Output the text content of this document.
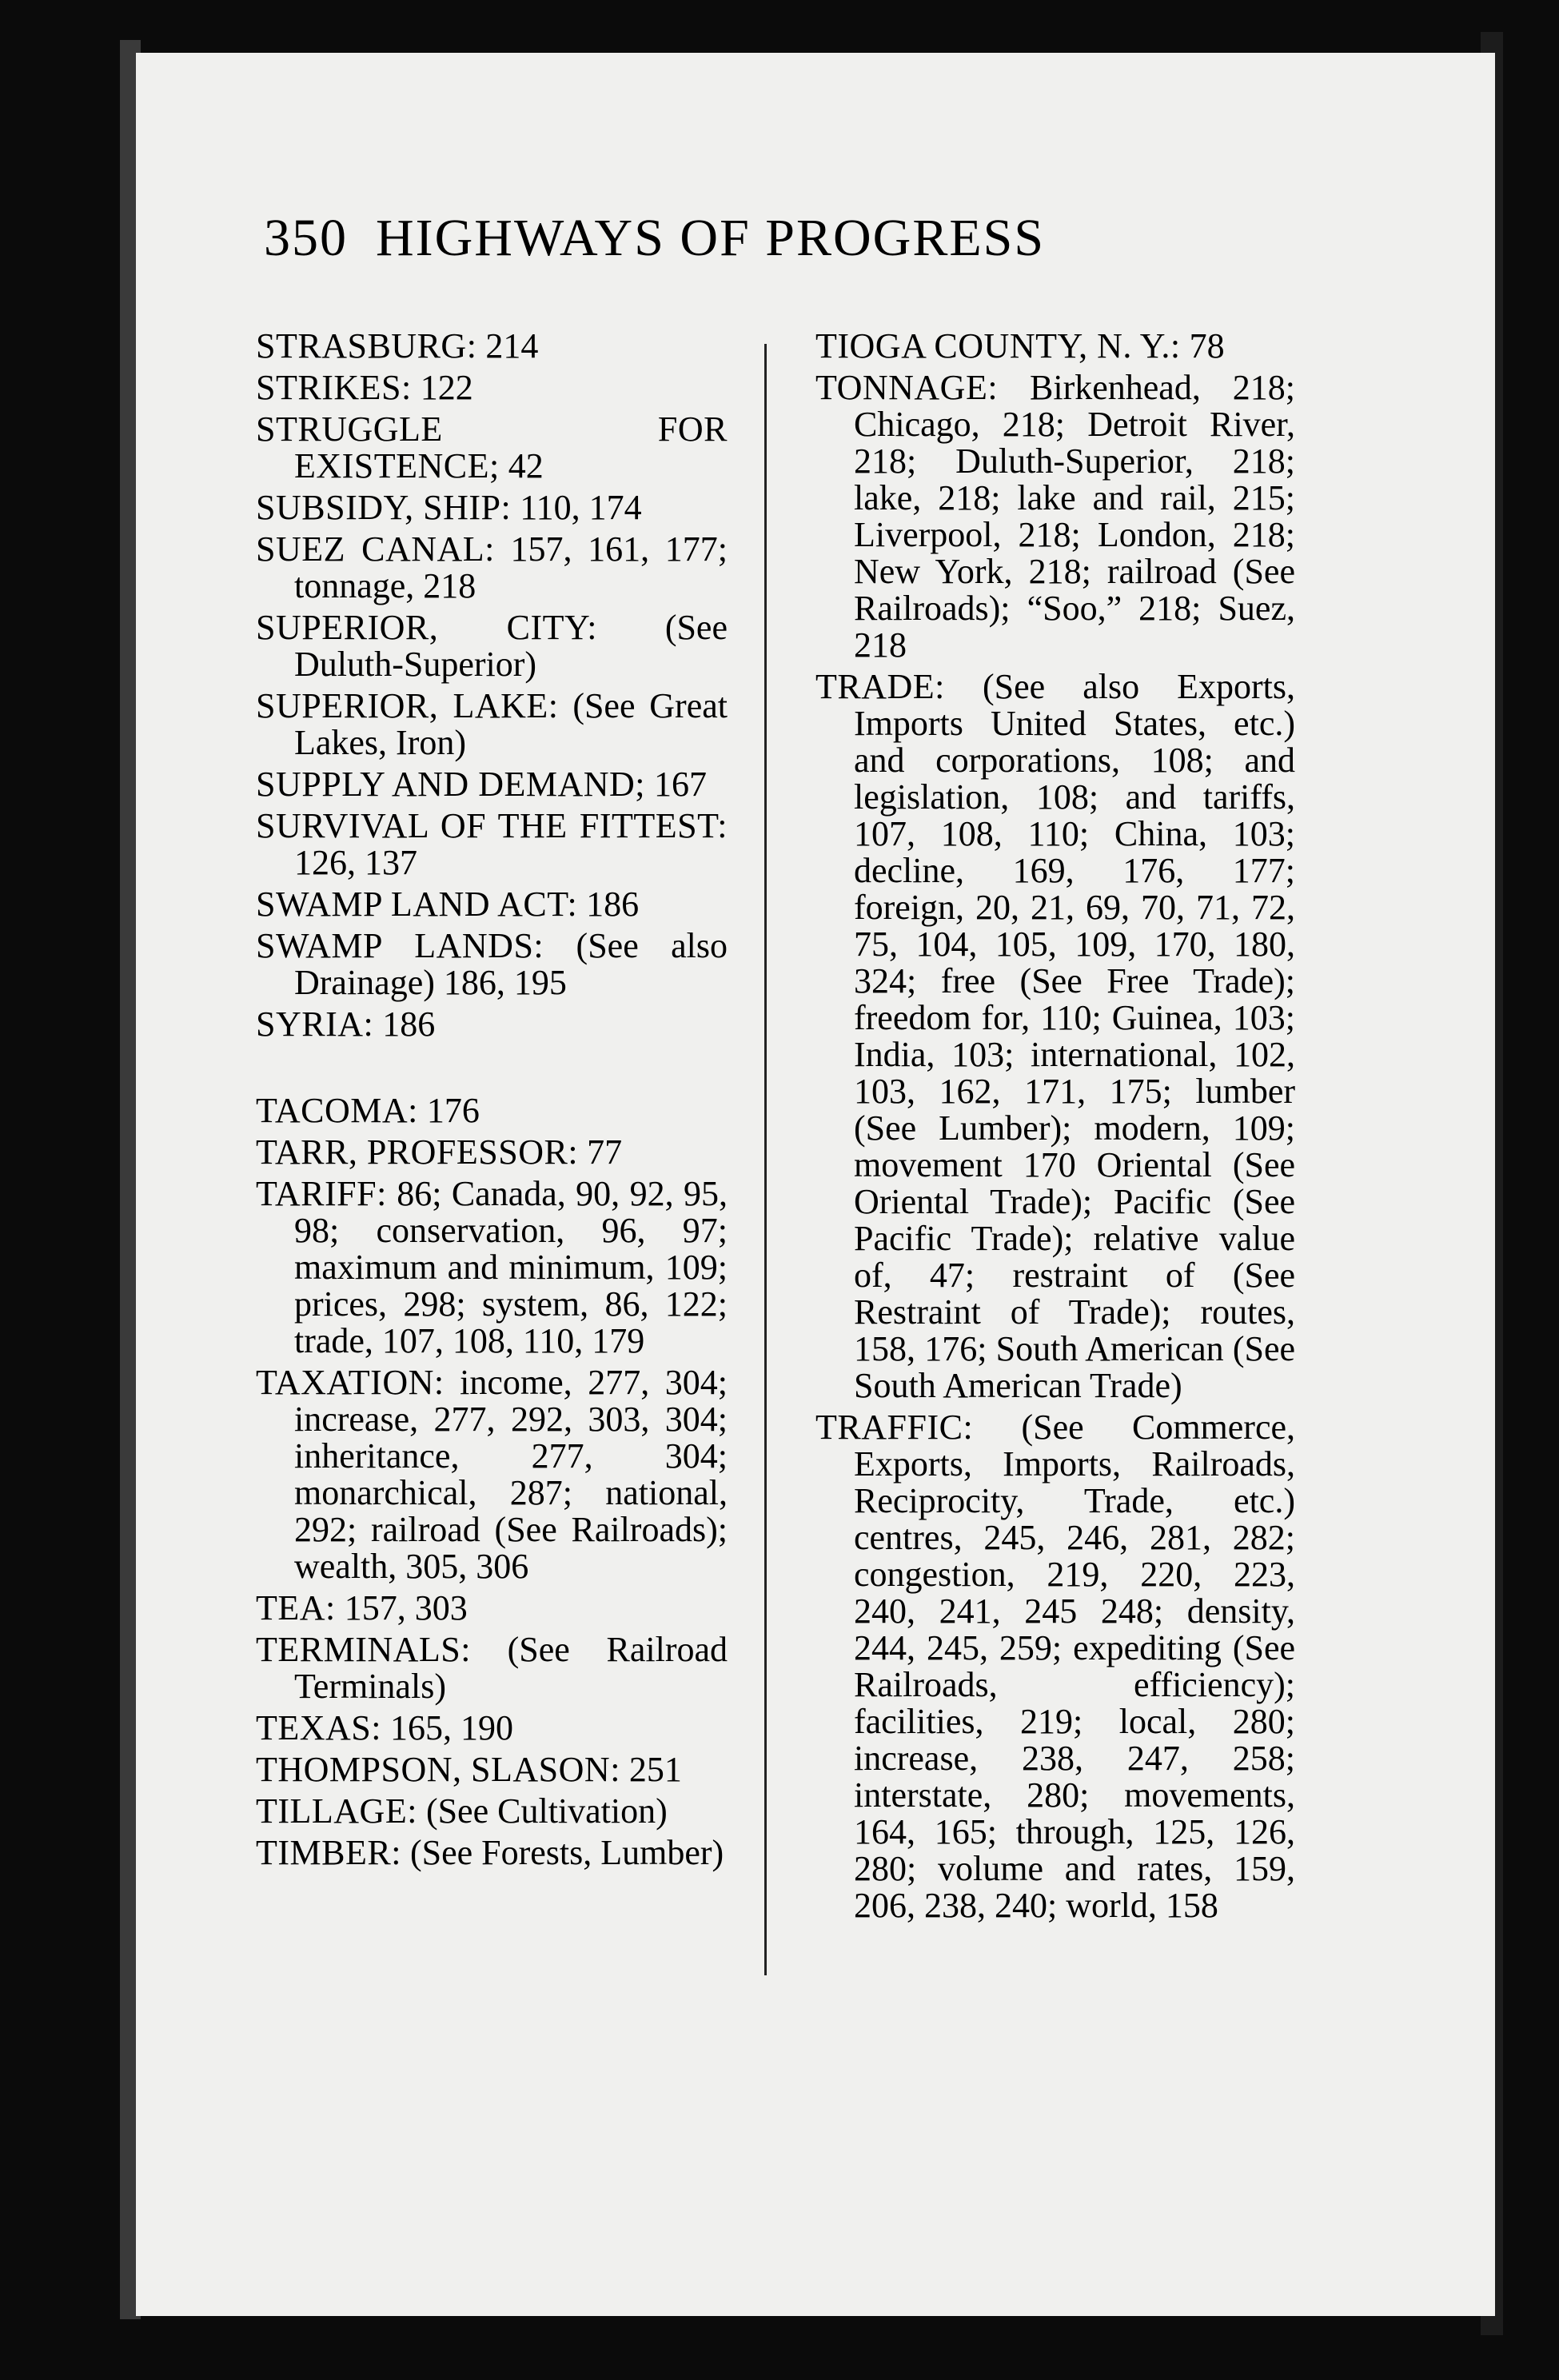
350 HIGHWAYS OF PROGRESS

STRASBURG: 214

STRIKES: 122

STRUGGLE FOR EXISTENCE; 42

SUBSIDY, SHIP: 110, 174

SUEZ CANAL: 157, 161, 177; tonnage, 218

SUPERIOR, CITY: (See Duluth-Superior)

SUPERIOR, LAKE: (See Great Lakes, Iron)

SUPPLY AND DEMAND; 167

SURVIVAL OF THE FITTEST: 126, 137

SWAMP LAND ACT: 186

SWAMP LANDS: (See also Drainage) 186, 195

SYRIA: 186

TACOMA: 176

TARR, PROFESSOR: 77

TARIFF: 86; Canada, 90, 92, 95, 98; conservation, 96, 97; maximum and minimum, 109; prices, 298; system, 86, 122; trade, 107, 108, 110, 179

TAXATION: income, 277, 304; increase, 277, 292, 303, 304; inheritance, 277, 304; monarchical, 287; national, 292; railroad (See Railroads); wealth, 305, 306

TEA: 157, 303

TERMINALS: (See Railroad Terminals)

TEXAS: 165, 190

THOMPSON, SLASON: 251

TILLAGE: (See Cultivation)

TIMBER: (See Forests, Lumber)

TIOGA COUNTY, N. Y.: 78

TONNAGE: Birkenhead, 218; Chicago, 218; Detroit River, 218; Duluth-Superior, 218; lake, 218; lake and rail, 215; Liverpool, 218; London, 218; New York, 218; railroad (See Railroads); “Soo,” 218; Suez, 218

TRADE: (See also Exports, Imports United States, etc.) and corporations, 108; and legislation, 108; and tariffs, 107, 108, 110; China, 103; decline, 169, 176, 177; foreign, 20, 21, 69, 70, 71, 72, 75, 104, 105, 109, 170, 180, 324; free (See Free Trade); freedom for, 110; Guinea, 103; India, 103; international, 102, 103, 162, 171, 175; lumber (See Lumber); modern, 109; movement 170 Oriental (See Oriental Trade); Pacific (See Pacific Trade); relative value of, 47; restraint of (See Restraint of Trade); routes, 158, 176; South American (See South American Trade)

TRAFFIC: (See Commerce, Exports, Imports, Railroads, Reciprocity, Trade, etc.) centres, 245, 246, 281, 282; congestion, 219, 220, 223, 240, 241, 245 248; density, 244, 245, 259; expediting (See Railroads, efficiency); facilities, 219; local, 280; increase, 238, 247, 258; interstate, 280; movements, 164, 165; through, 125, 126, 280; volume and rates, 159, 206, 238, 240; world, 158
